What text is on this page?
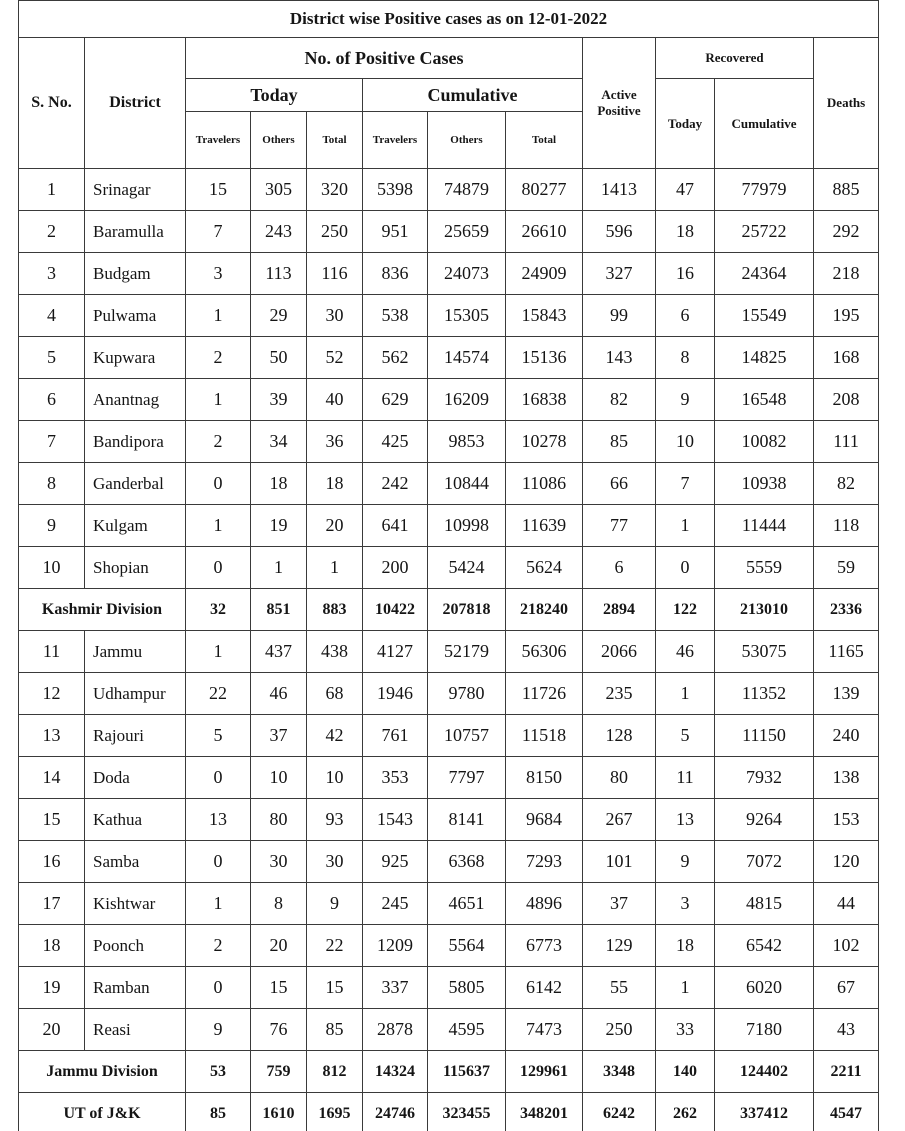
District wise Positive cases as on 12-01-2022											
S. No.	District	No. of Positive Cases						Active Positive	Recovered		Deaths
		Today			Cumulative				Today	Cumulative	
		Travelers	Others	Total	Travelers	Others	Total				
1	Srinagar	15	305	320	5398	74879	80277	1413	47	77979	885
2	Baramulla	7	243	250	951	25659	26610	596	18	25722	292
3	Budgam	3	113	116	836	24073	24909	327	16	24364	218
4	Pulwama	1	29	30	538	15305	15843	99	6	15549	195
5	Kupwara	2	50	52	562	14574	15136	143	8	14825	168
6	Anantnag	1	39	40	629	16209	16838	82	9	16548	208
7	Bandipora	2	34	36	425	9853	10278	85	10	10082	111
8	Ganderbal	0	18	18	242	10844	11086	66	7	10938	82
9	Kulgam	1	19	20	641	10998	11639	77	1	11444	118
10	Shopian	0	1	1	200	5424	5624	6	0	5559	59
Kashmir Division		32	851	883	10422	207818	218240	2894	122	213010	2336
11	Jammu	1	437	438	4127	52179	56306	2066	46	53075	1165
12	Udhampur	22	46	68	1946	9780	11726	235	1	11352	139
13	Rajouri	5	37	42	761	10757	11518	128	5	11150	240
14	Doda	0	10	10	353	7797	8150	80	11	7932	138
15	Kathua	13	80	93	1543	8141	9684	267	13	9264	153
16	Samba	0	30	30	925	6368	7293	101	9	7072	120
17	Kishtwar	1	8	9	245	4651	4896	37	3	4815	44
18	Poonch	2	20	22	1209	5564	6773	129	18	6542	102
19	Ramban	0	15	15	337	5805	6142	55	1	6020	67
20	Reasi	9	76	85	2878	4595	7473	250	33	7180	43
Jammu Division		53	759	812	14324	115637	129961	3348	140	124402	2211
UT of J&K		85	1610	1695	24746	323455	348201	6242	262	337412	4547
